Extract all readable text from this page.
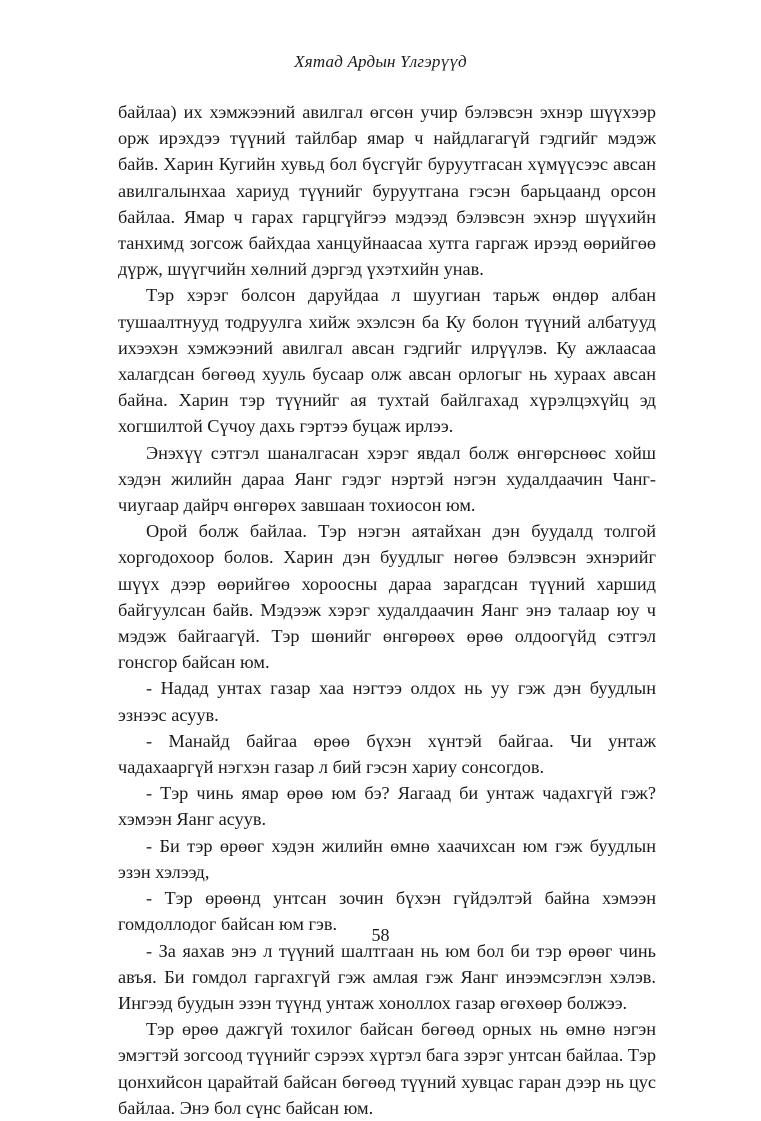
Хятад Ардын Үлгэрүүд

байлаа) их хэмжээний авилгал өгсөн учир бэлэвсэн эхнэр шүүхээр орж ирэхдээ түүний тайлбар ямар ч найдлагагүй гэдгийг мэдэж байв. Харин Кугийн хувьд бол бүсгүйг буруутгасан хүмүүсээс авсан авилгалынхаа хариуд түүнийг буруутгана гэсэн барьцаанд орсон байлаа. Ямар ч гарах гарцгүйгээ мэдээд бэлэвсэн эхнэр шүүхийн танхимд зогсож байхдаа ханцуйнаасаа хутга гаргаж ирээд өөрийгөө дүрж, шүүгчийн хөлний дэргэд үхэтхийн унав.

Тэр хэрэг болсон даруйдаа л шуугиан тарьж өндөр албан тушаалтнууд тодруулга хийж эхэлсэн ба Ку болон түүний албатууд ихээхэн хэмжээний авилгал авсан гэдгийг илрүүлэв. Ку ажлаасаа халагдсан бөгөөд хууль бусаар олж авсан орлогыг нь хураах авсан байна. Харин тэр түүнийг ая тухтай байлгахад хүрэлцэхүйц эд хогшилтой Сүчоу дахь гэртээ буцаж ирлээ.

Энэхүү сэтгэл шаналгасан хэрэг явдал болж өнгөрснөөс хойш хэдэн жилийн дараа Яанг гэдэг нэртэй нэгэн худалдаачин Чанг-чиугаар дайрч өнгөрөх завшаан тохиосон юм.

Орой болж байлаа. Тэр нэгэн аятайхан дэн буудалд толгой хоргодохоор болов. Харин дэн буудлыг нөгөө бэлэвсэн эхнэрийг шүүх дээр өөрийгөө хороосны дараа зарагдсан түүний харшид байгуулсан байв. Мэдээж хэрэг худалдаачин Яанг энэ талаар юу ч мэдэж байгаагүй. Тэр шөнийг өнгөрөөх өрөө олдоогүйд сэтгэл гонсгор байсан юм.

- Надад унтах газар хаа нэгтээ олдох нь уу гэж дэн буудлын эзнээс асуув.

- Манайд байгаа өрөө бүхэн хүнтэй байгаа. Чи унтаж чадахааргүй нэгхэн газар л бий гэсэн хариу сонсогдов.

- Тэр чинь ямар өрөө юм бэ? Яагаад би унтаж чадахгүй гэж? хэмээн Яанг асуув.

- Би тэр өрөөг хэдэн жилийн өмнө хаачихсан юм гэж буудлын эзэн хэлээд,

- Тэр өрөөнд унтсан зочин бүхэн гүйдэлтэй байна хэмээн гомдоллодог байсан юм гэв.

- За яахав энэ л түүний шалтгаан нь юм бол би тэр өрөөг чинь авъя. Би гомдол гаргахгүй гэж амлая гэж Яанг инээмсэглэн хэлэв. Ингээд буудын эзэн түүнд унтаж хоноллох газар өгөхөөр болжээ.

Тэр өрөө дажгүй тохилог байсан бөгөөд орных нь өмнө нэгэн эмэгтэй зогсоод түүнийг сэрээх хүртэл бага зэрэг унтсан байлаа. Тэр цонхийсон царайтай байсан бөгөөд түүний хувцас гаран дээр нь цус байлаа. Энэ бол сүнс байсан юм.

58
